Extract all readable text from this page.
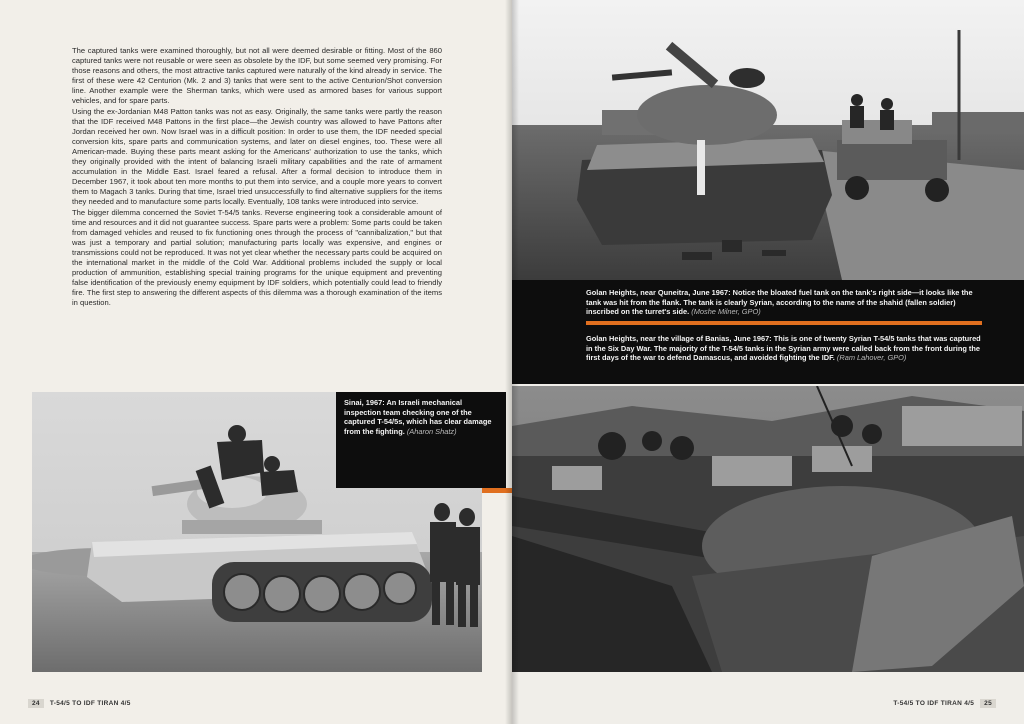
The captured tanks were examined thoroughly, but not all were deemed desirable or fitting. Most of the 860 captured tanks were not reusable or were seen as obsolete by the IDF, but some seemed very promising. For those reasons and others, the most attractive tanks captured were naturally of the kind already in service. The first of these were 42 Centurion (Mk. 2 and 3) tanks that were sent to the active Centurion/Shot conversion line. Another example were the Sherman tanks, which were used as armored bases for various support vehicles, and for spare parts.

Using the ex-Jordanian M48 Patton tanks was not as easy. Originally, the same tanks were partly the reason that the IDF received M48 Pattons in the first place—the Jewish country was allowed to have Pattons after Jordan received her own. Now Israel was in a difficult position: In order to use them, the IDF needed special conversion kits, spare parts and communication systems, and later on diesel engines, too. These were all American-made. Buying these parts meant asking for the Americans' authorization to use the tanks, which they originally provided with the intent of balancing Israeli military capabilities and the rate of armament accumulation in the Middle East. Israel feared a refusal. After a formal decision to introduce them in December 1967, it took about ten more months to put them into service, and a couple more years to convert them to Magach 3 tanks. During that time, Israel tried unsuccessfully to find alternative suppliers for the items they needed and to manufacture some parts locally. Eventually, 108 tanks were introduced into service.

The bigger dilemma concerned the Soviet T-54/5 tanks. Reverse engineering took a considerable amount of time and resources and it did not guarantee success. Spare parts were a problem: Some parts could be taken from damaged vehicles and reused to fix functioning ones through the process of "cannibalization," but that was just a temporary and partial solution; manufacturing parts locally was expensive, and engines or transmissions could not be reproduced. It was not yet clear whether the necessary parts could be acquired on the international market in the middle of the Cold War. Additional problems included the supply or local production of ammunition, establishing special training programs for the unique equipment and preventing false identification of the previously enemy equipment by IDF soldiers, which potentially could lead to friendly fire. The first step to answering the different aspects of this dilemma was a thorough examination of the items in question.

Sinai, 1967: An Israeli mechanical inspection team checking one of the captured T-54/5s, which has clear damage from the fighting. (Aharon Shatz)
24 T-54/5 TO IDF TIRAN 4/5
Golan Heights, near Quneitra, June 1967: Notice the bloated fuel tank on the tank's right side—it looks like the tank was hit from the flank. The tank is clearly Syrian, according to the name of the shahid (fallen soldier) inscribed on the turret's side. (Moshe Milner, GPO)
Golan Heights, near the village of Banias, June 1967: This is one of twenty Syrian T-54/5 tanks that was captured in the Six Day War. The majority of the T-54/5 tanks in the Syrian army were called back from the front during the first days of the war to defend Damascus, and avoided fighting the IDF. (Ram Lahover, GPO)
T-54/5 TO IDF TIRAN 4/5 25
